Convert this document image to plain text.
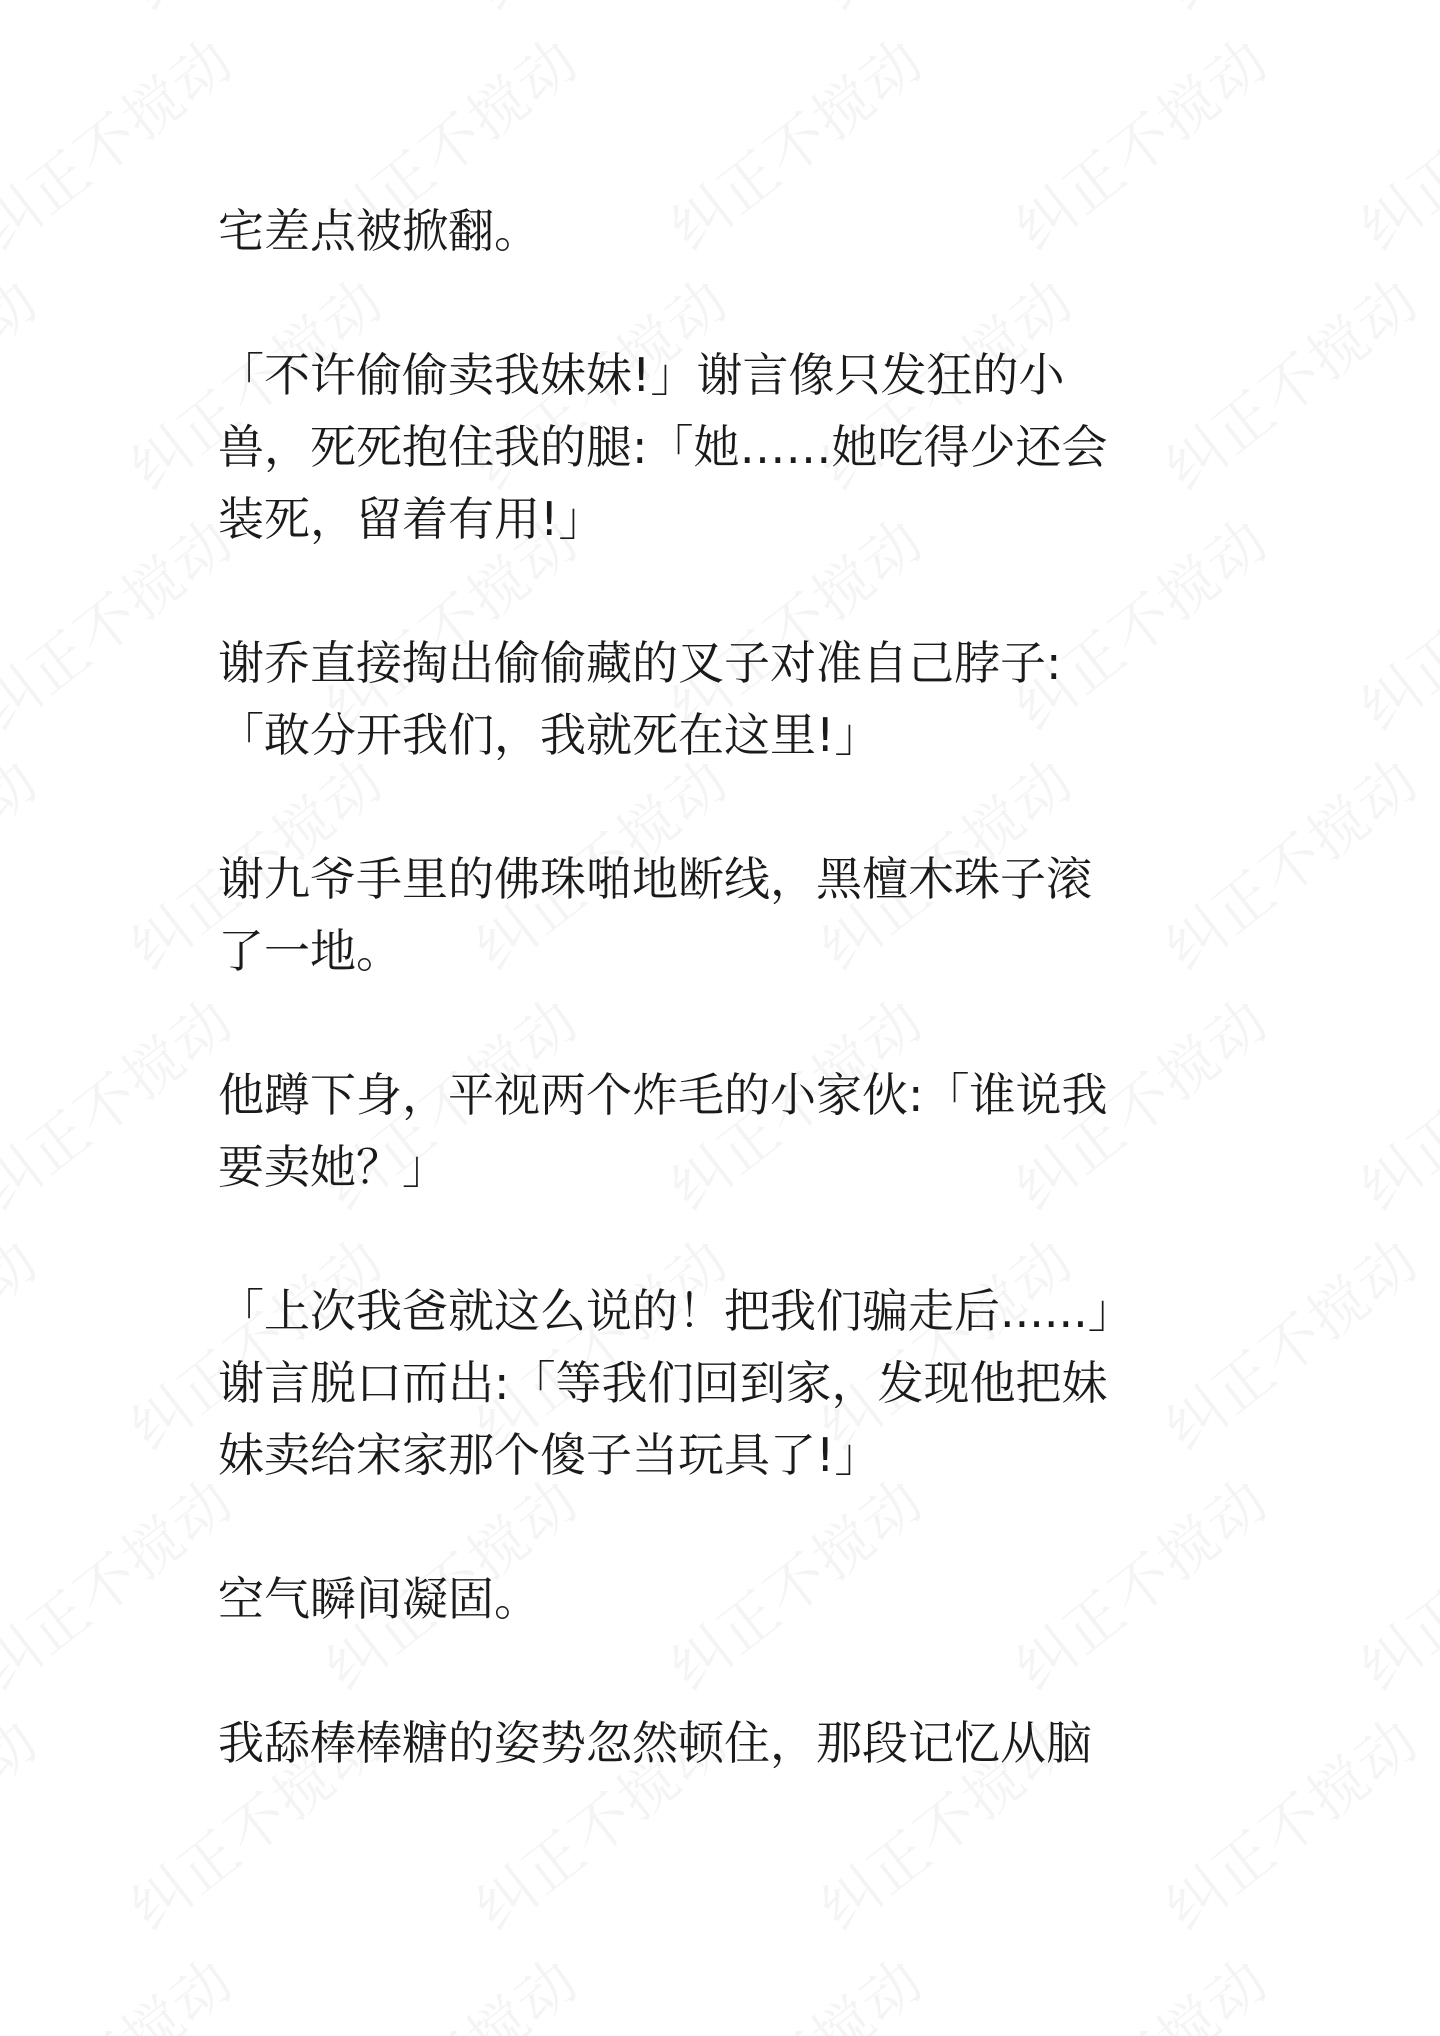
宅差点被掀翻。
「不许偷偷卖我妹妹!」谢言像只发狂的小
兽，死死抱住我的腿:「她……她吃得少还会
装死，留着有用!」
谢乔直接掏出偷偷藏的叉子对准自己脖子:
「敢分开我们，我就死在这里!」
谢九爷手里的佛珠啪地断线，黑檀木珠子滚
了一地。
他蹲下身，平视两个炸毛的小家伙:「谁说我
要卖她？」
「上次我爸就这么说的！把我们骗走后......」
谢言脱口而出:「等我们回到家，发现他把妹
妹卖给宋家那个傻子当玩具了!」
空气瞬间凝固。
我舔棒棒糖的姿势忽然顿住，那段记忆从脑
